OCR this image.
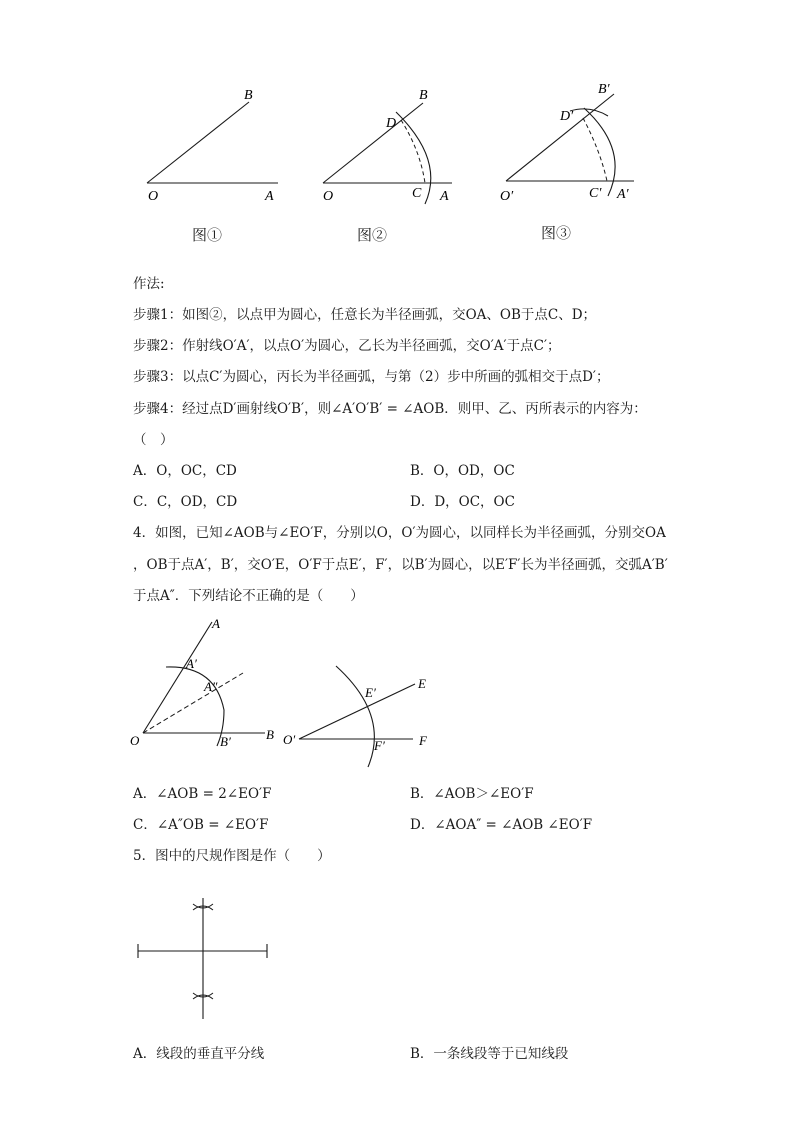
B
O	A
图①
B
D
O	C A
图②
B′
D′
O′	C′ A′
图③
作法:
步骤1：如图②，以点甲为圆心，任意长为半径画弧，交OA、OB于点C、D；
步骤2：作射线O′A′，以点O′为圆心，乙长为半径画弧，交O′A′于点C′；
步骤3：以点C′为圆心，丙长为半径画弧，与第（2）步中所画的弧相交于点D′；
步骤4：经过点D′画射线O′B′，则∠A′O′B′ = ∠AOB．则甲、乙、丙所表示的内容为：
（　）
A．O，OC，CD	B．O，OD，OC
C．C，OD，CD	D．D，OC，OC
4．如图，已知∠AOB与∠EO′F，分别以O，O′为圆心，以同样长为半径画弧，分别交OA
，OB于点A′，B′，交O′E，O′F于点E′，F′，以B′为圆心，以E′F′长为半径画弧，交弧A′B′
于点A″．下列结论不正确的是（　　）
A
A′
A″
O	B′	B
E
E′
O′	F′	F
A．∠AOB = 2∠EO′F	B．∠AOB＞∠EO′F
C．∠A″OB = ∠EO′F	D．∠AOA″ = ∠AOB ∠EO′F
5．图中的尺规作图是作（　　）
A．线段的垂直平分线	B．一条线段等于已知线段
